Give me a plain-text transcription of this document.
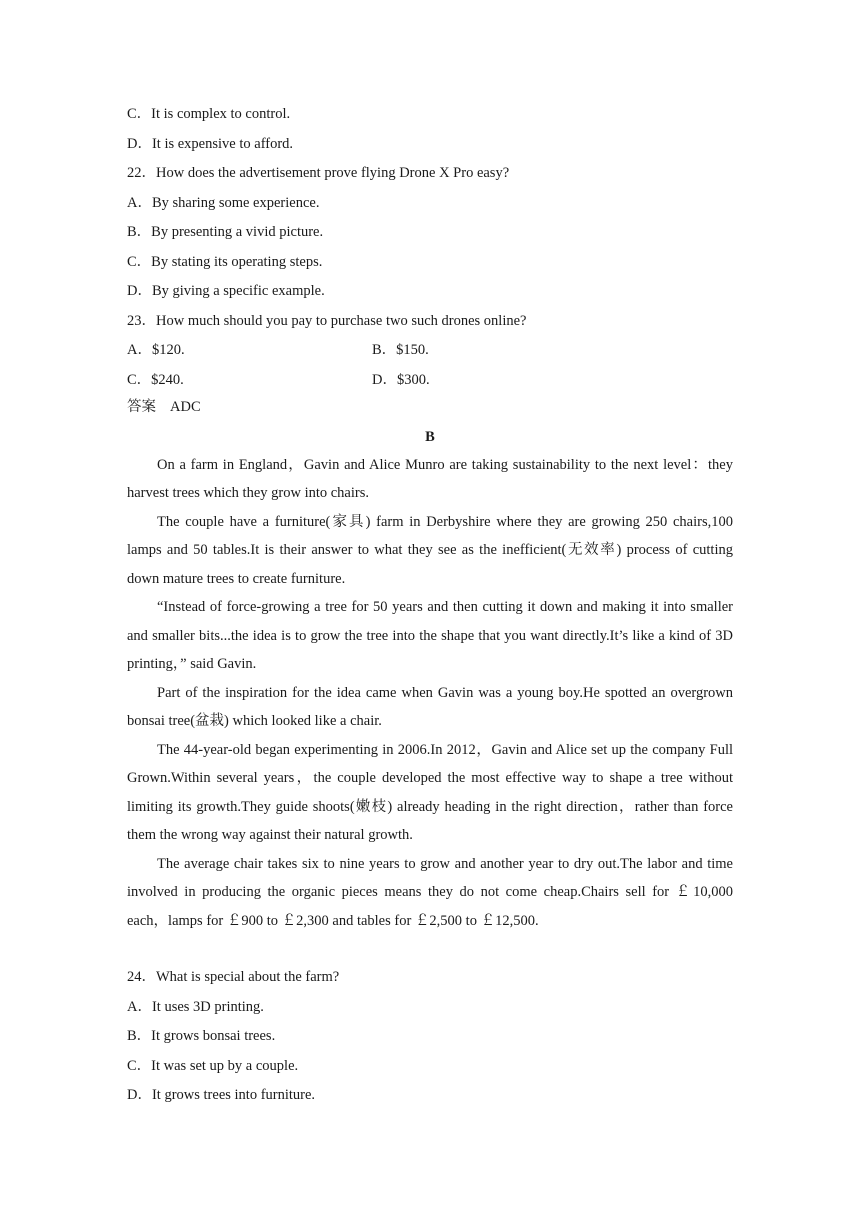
C．It is complex to control.

D．It is expensive to afford.

22．How does the advertisement prove flying Drone X Pro easy?

A．By sharing some experience.

B．By presenting a vivid picture.

C．By stating its operating steps.

D．By giving a specific example.

23．How much should you pay to purchase two such drones online?

A．$120.	B．$150.
C．$240.	D．$300.

答案 ADC

B

On a farm in England，Gavin and Alice Munro are taking sustainability to the next level：they harvest trees which they grow into chairs.

The couple have a furniture(家具) farm in Derbyshire where they are growing 250 chairs,100 lamps and 50 tables.It is their answer to what they see as the inefficient(无效率) process of cutting down mature trees to create furniture.

“Instead of force-growing a tree for 50 years and then cutting it down and making it into smaller and smaller bits...the idea is to grow the tree into the shape that you want directly.It’s like a kind of 3D printing，” said Gavin.

Part of the inspiration for the idea came when Gavin was a young boy.He spotted an overgrown bonsai tree(盆栽) which looked like a chair.

The 44-year-old began experimenting in 2006.In 2012，Gavin and Alice set up the company Full Grown.Within several years，the couple developed the most effective way to shape a tree without limiting its growth.They guide shoots(嫩枝) already heading in the right direction，rather than force them the wrong way against their natural growth.

The average chair takes six to nine years to grow and another year to dry out.The labor and time involved in producing the organic pieces means they do not come cheap.Chairs sell for ￡10,000 each，lamps for ￡900 to ￡2,300 and tables for ￡2,500 to ￡12,500.

24．What is special about the farm?

A．It uses 3D printing.

B．It grows bonsai trees.

C．It was set up by a couple.

D．It grows trees into furniture.
